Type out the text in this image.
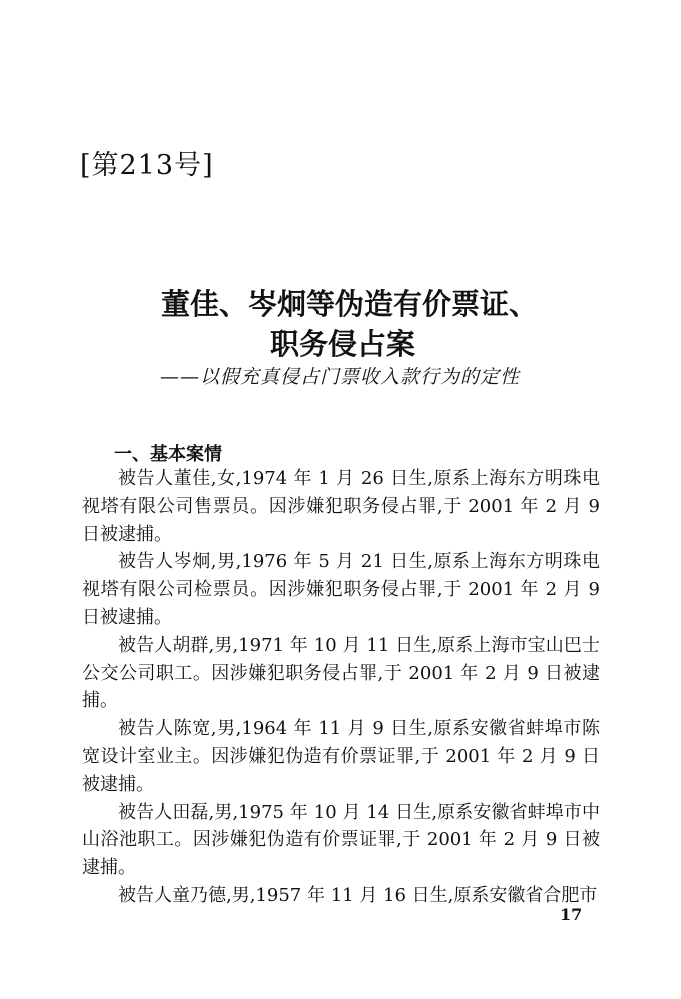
[第213号]
董佳、岑炯等伪造有价票证、
职务侵占案
——以假充真侵占门票收入款行为的定性
一、基本案情

被告人董佳,女,1974 年 1 月 26 日生,原系上海东方明珠电视塔有限公司售票员。因涉嫌犯职务侵占罪,于 2001 年 2 月 9 日被逮捕。

被告人岑炯,男,1976 年 5 月 21 日生,原系上海东方明珠电视塔有限公司检票员。因涉嫌犯职务侵占罪,于 2001 年 2 月 9 日被逮捕。

被告人胡群,男,1971 年 10 月 11 日生,原系上海市宝山巴士公交公司职工。因涉嫌犯职务侵占罪,于 2001 年 2 月 9 日被逮捕。

被告人陈宽,男,1964 年 11 月 9 日生,原系安徽省蚌埠市陈宽设计室业主。因涉嫌犯伪造有价票证罪,于 2001 年 2 月 9 日被逮捕。

被告人田磊,男,1975 年 10 月 14 日生,原系安徽省蚌埠市中山浴池职工。因涉嫌犯伪造有价票证罪,于 2001 年 2 月 9 日被逮捕。

被告人童乃德,男,1957 年 11 月 16 日生,原系安徽省合肥市

17
